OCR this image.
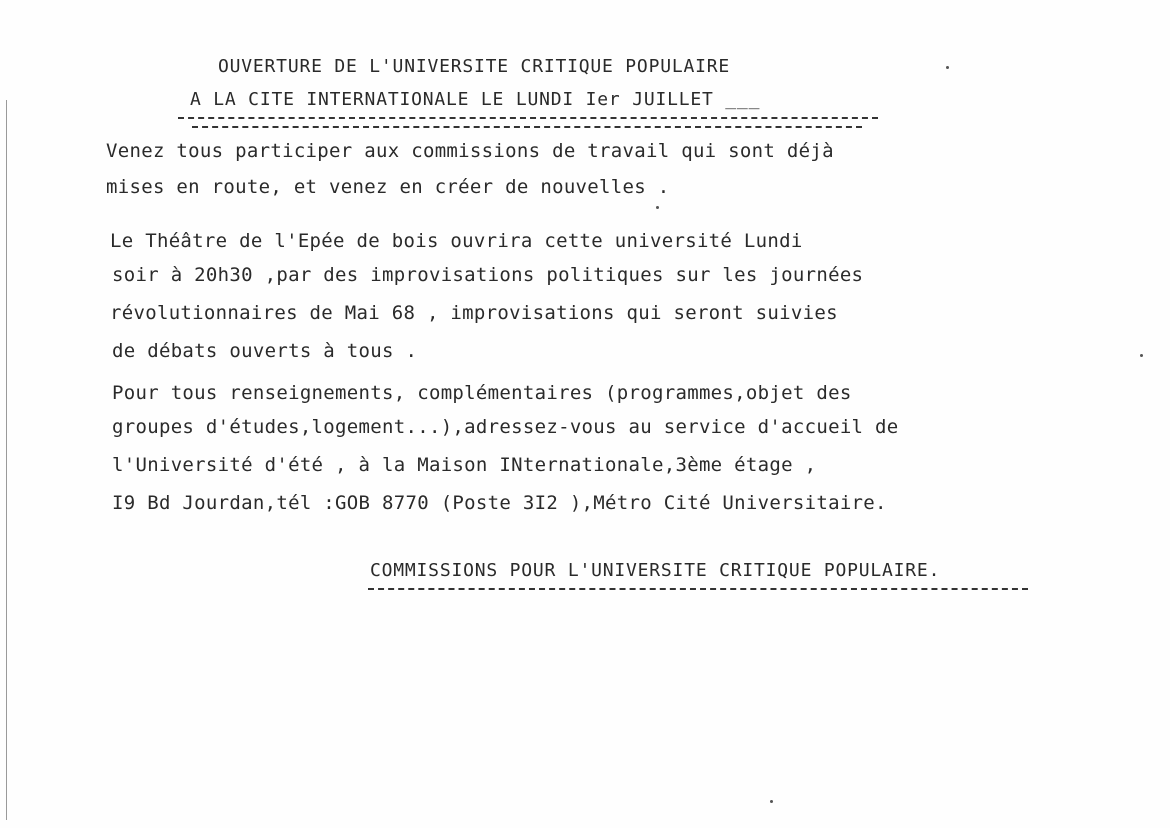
OUVERTURE DE L'UNIVERSITE CRITIQUE POPULAIRE
A LA CITE INTERNATIONALE LE LUNDI Ier JUILLET ___
Venez tous participer aux commissions de travail qui sont déjà
mises en route, et venez en créer de nouvelles .
Le Théâtre de l'Epée de bois ouvrira cette université Lundi
soir à 20h30 ,par des improvisations politiques sur les journées
révolutionnaires de Mai 68 , improvisations qui seront suivies
de débats ouverts à tous .
Pour tous renseignements, complémentaires (programmes,objet des
groupes d'études,logement...),adressez-vous au service d'accueil de
l'Université d'été , à la Maison INternationale,3ème étage ,
I9 Bd Jourdan,tél :GOB 8770 (Poste 3I2 ),Métro Cité Universitaire.
COMMISSIONS POUR L'UNIVERSITE CRITIQUE POPULAIRE.
